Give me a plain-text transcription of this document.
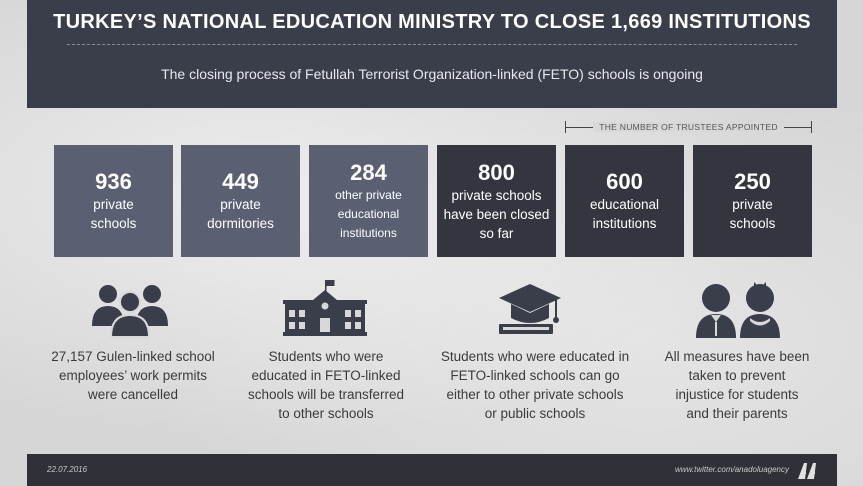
TURKEY’S NATIONAL EDUCATION MINISTRY TO CLOSE 1,669 INSTITUTIONS
The closing process of Fetullah Terrorist Organization-linked (FETO) schools is ongoing
THE NUMBER OF TRUSTEES APPOINTED
936
private
schools
449
private
dormitories
284
other private
educational
institutions
800
private schools
have been closed
so far
600
educational
institutions
250
private
schools
27,157 Gulen-linked school
employees’ work permits
were cancelled
Students who were
educated in FETO-linked
schools will be transferred
to other schools
Students who were educated in
FETO-linked schools can go
either to other private schools
or public schools
All measures have been
taken to prevent
injustice for students
and their parents
22.07.2016	www.twitter.com/anadoluagency
